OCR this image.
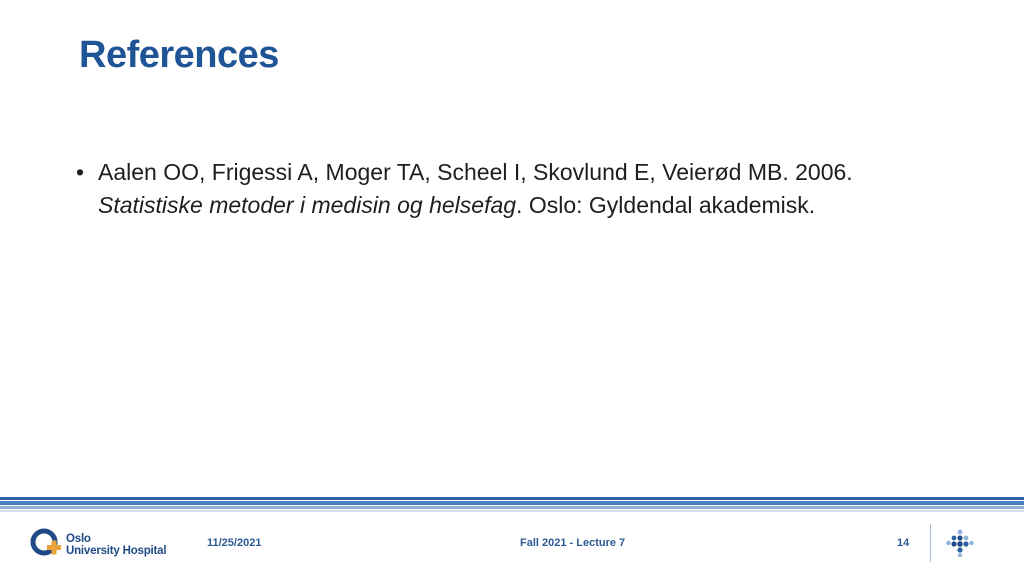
References
• Aalen OO, Frigessi A, Moger TA, Scheel I, Skovlund E, Veierød MB. 2006. Statistiske metoder i medisin og helsefag. Oslo: Gyldendal akademisk.
Oslo
University Hospital
11/25/2021	Fall 2021 - Lecture 7	14
